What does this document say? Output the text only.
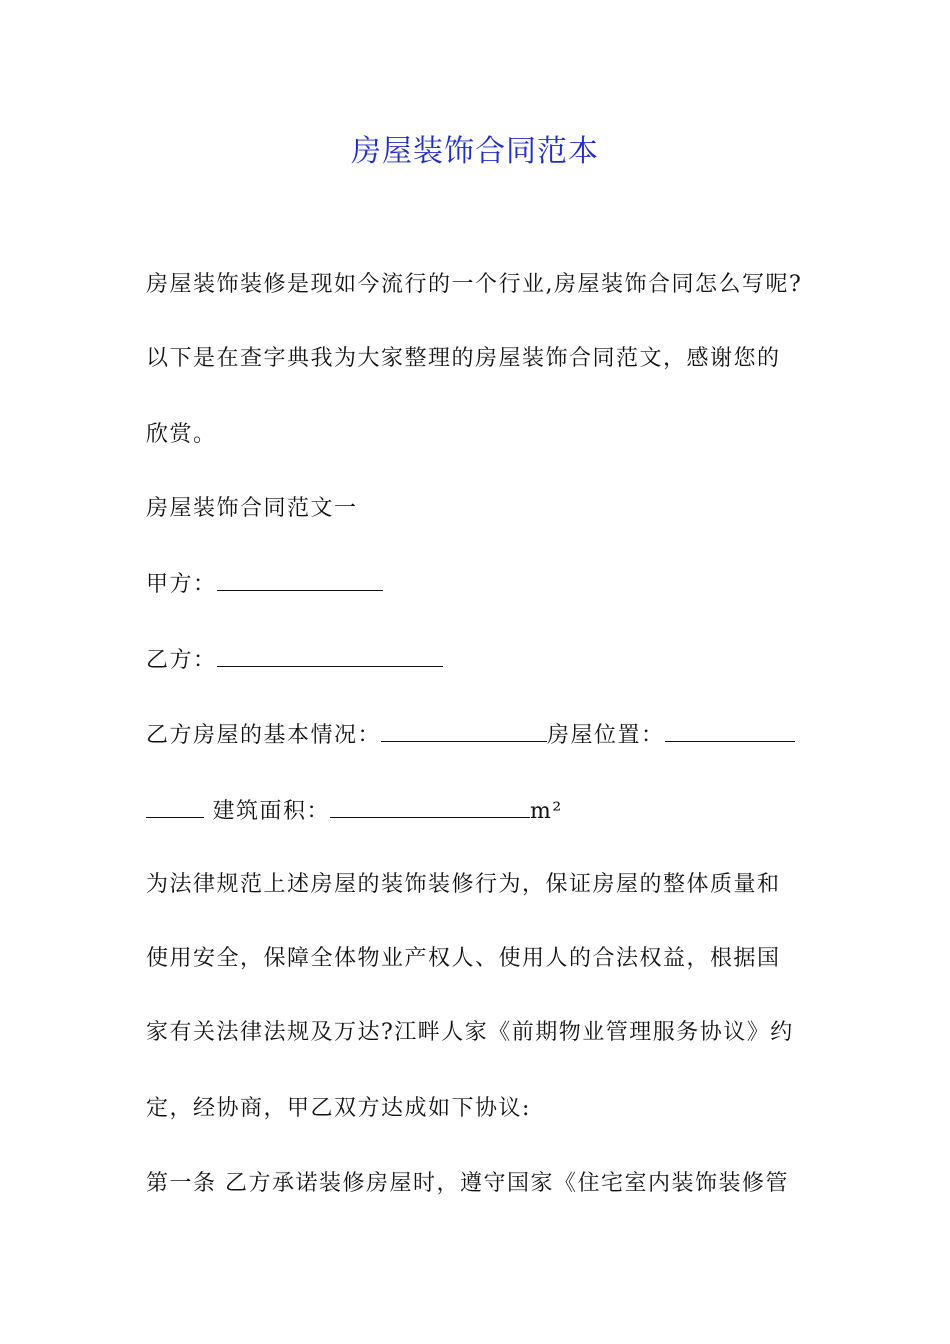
房屋装饰合同范本
房屋装饰装修是现如今流行的一个行业,房屋装饰合同怎么写呢?
以下是在查字典我为大家整理的房屋装饰合同范文，感谢您的
欣赏。
房屋装饰合同范文一
甲方：
乙方：
乙方房屋的基本情况：	房屋位置：
建筑面积：	m²
为法律规范上述房屋的装饰装修行为，保证房屋的整体质量和
使用安全，保障全体物业产权人、使用人的合法权益，根据国
家有关法律法规及万达?江畔人家《前期物业管理服务协议》约
定，经协商，甲乙双方达成如下协议:
第一条 乙方承诺装修房屋时，遵守国家《住宅室内装饰装修管
